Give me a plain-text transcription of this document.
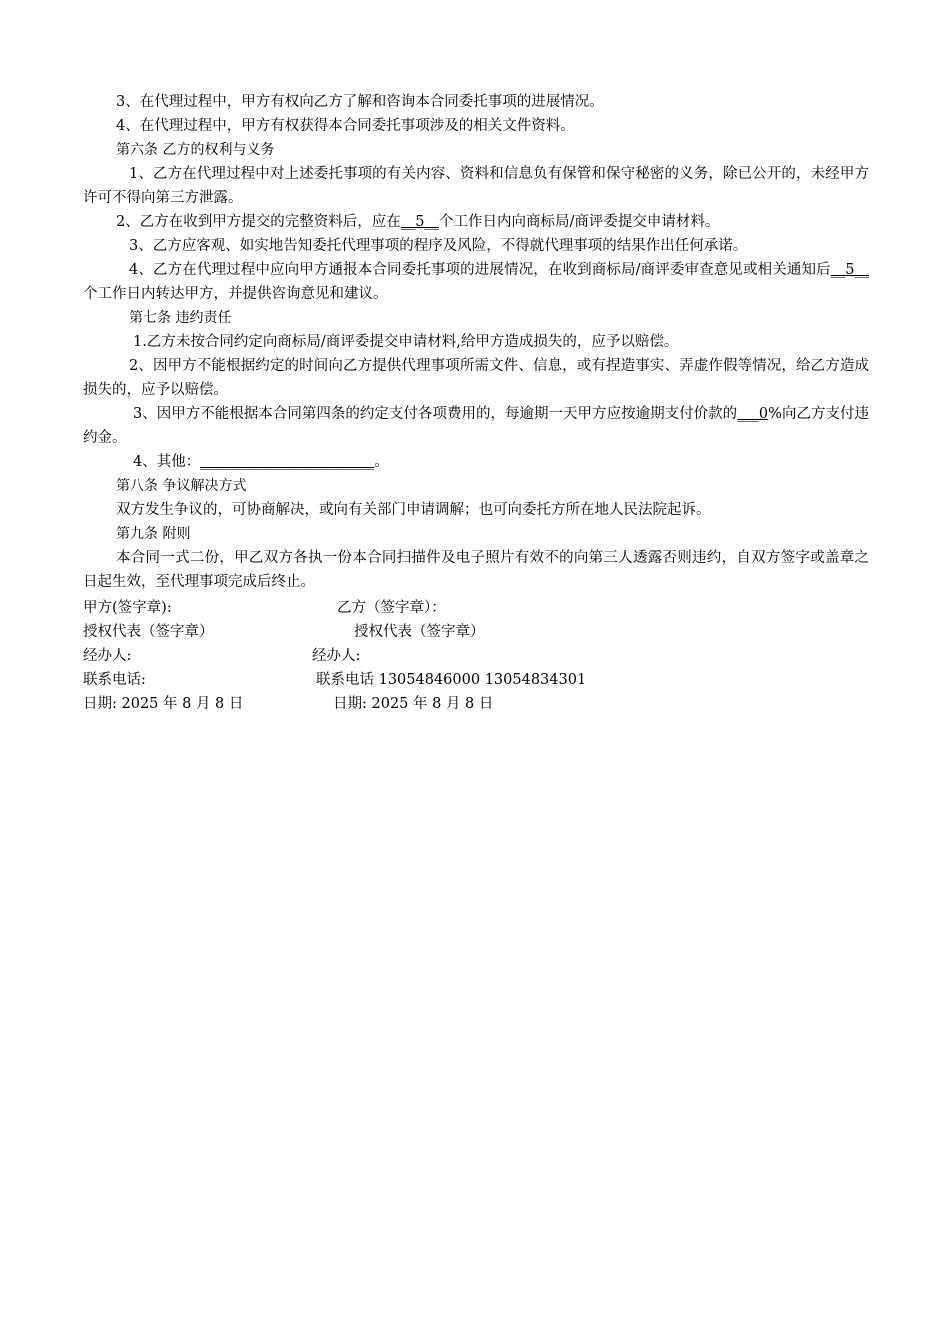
3、在代理过程中，甲方有权向乙方了解和咨询本合同委托事项的进展情况。

4、在代理过程中，甲方有权获得本合同委托事项涉及的相关文件资料。

第六条 乙方的权利与义务

1、乙方在代理过程中对上述委托事项的有关内容、资料和信息负有保管和保守秘密的义务，除已公开的，未经甲方许可不得向第三方泄露。

2、乙方在收到甲方提交的完整资料后，应在__5__个工作日内向商标局/商评委提交申请材料。

3、乙方应客观、如实地告知委托代理事项的程序及风险，不得就代理事项的结果作出任何承诺。

4、乙方在代理过程中应向甲方通报本合同委托事项的进展情况，在收到商标局/商评委审查意见或相关通知后__5__个工作日内转达甲方，并提供咨询意见和建议。

第七条 违约责任

1.乙方未按合同约定向商标局/商评委提交申请材料,给甲方造成损失的，应予以赔偿。

2、因甲方不能根据约定的时间向乙方提供代理事项所需文件、信息，或有捏造事实、弄虚作假等情况，给乙方造成损失的，应予以赔偿。

3、因甲方不能根据本合同第四条的约定支付各项费用的，每逾期一天甲方应按逾期支付价款的___0%向乙方支付违约金。

4、其他：________________________。

第八条 争议解决方式

双方发生争议的，可协商解决，或向有关部门申请调解；也可向委托方所在地人民法院起诉。

第九条 附则

本合同一式二份，甲乙双方各执一份本合同扫描件及电子照片有效不的向第三人透露否则违约，自双方签字或盖章之日起生效，至代理事项完成后终止。

甲方(签字章):	乙方（签字章）：
授权代表（签字章）	授权代表（签字章）
经办人:	经办人:
联系电话:	联系电话 13054846000 13054834301
日期: 2025 年 8 月 8 日	日期: 2025 年 8 月 8 日
